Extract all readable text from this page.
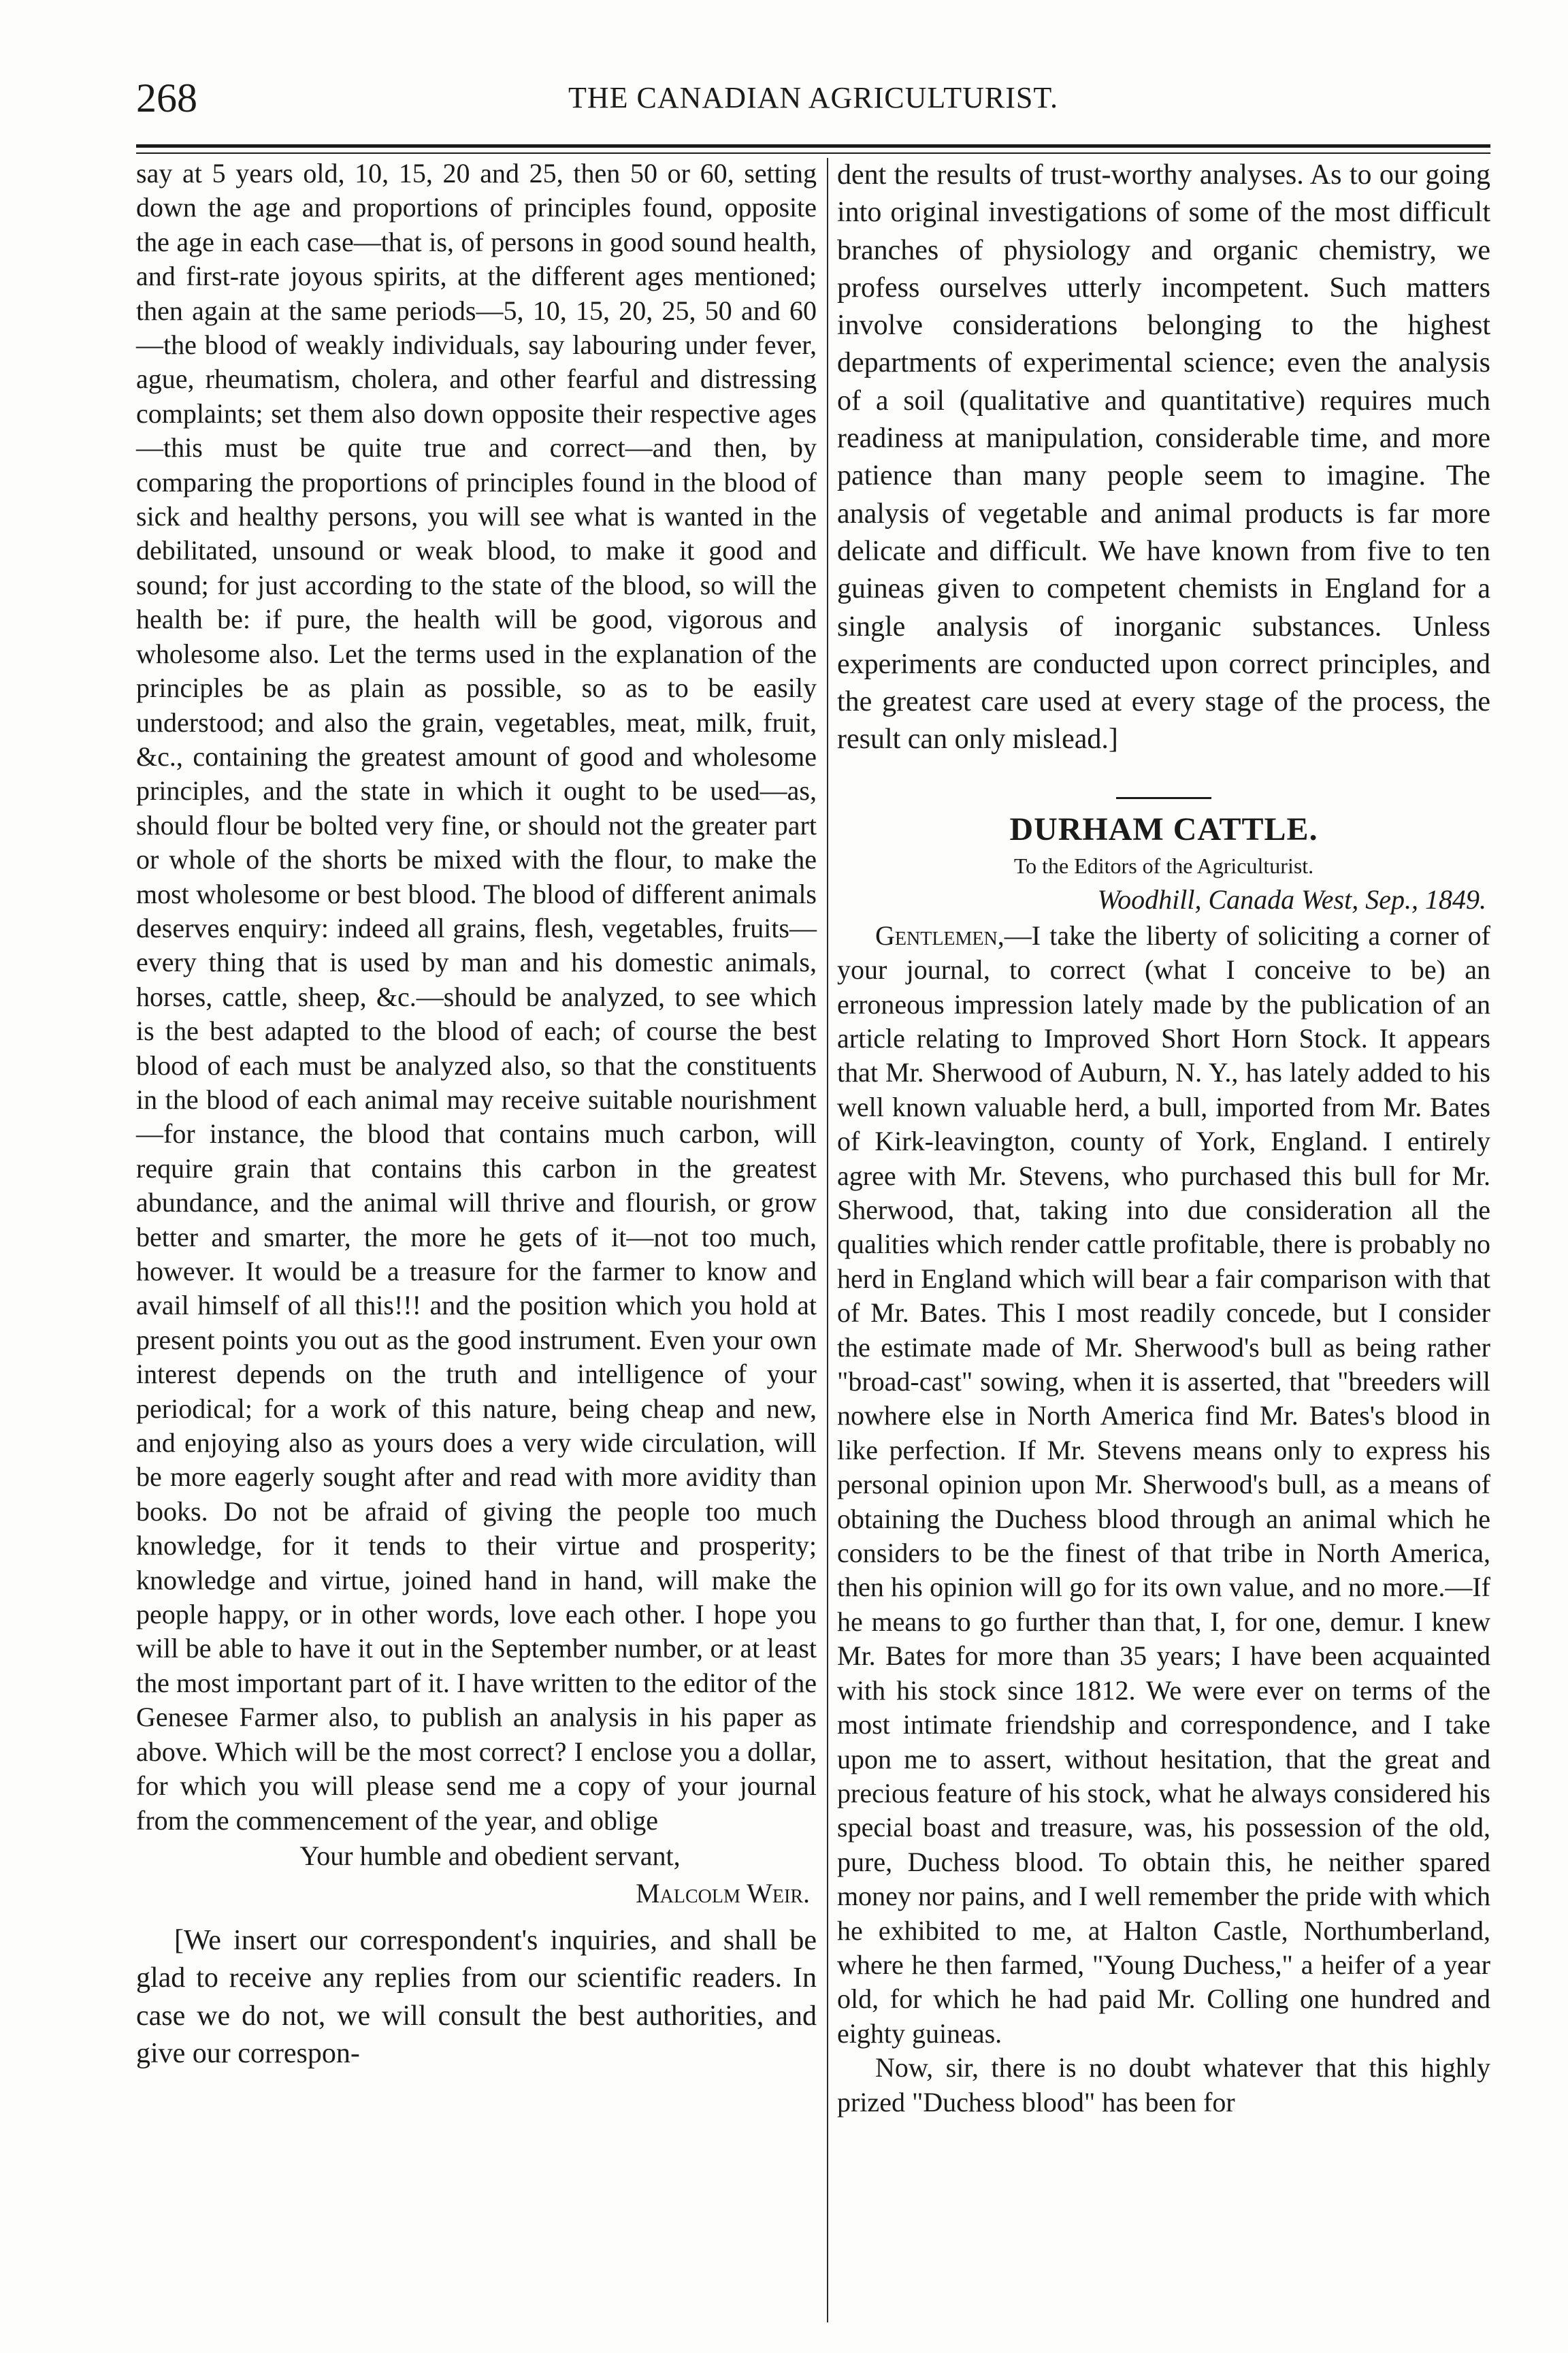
268	THE CANADIAN AGRICULTURIST.

say at 5 years old, 10, 15, 20 and 25, then 50 or 60, setting down the age and proportions of principles found, opposite the age in each case—that is, of persons in good sound health, and first-rate joyous spirits, at the different ages mentioned; then again at the same periods—5, 10, 15, 20, 25, 50 and 60—the blood of weakly individuals, say labouring under fever, ague, rheumatism, cholera, and other fearful and distressing complaints; set them also down opposite their respective ages—this must be quite true and correct—and then, by comparing the proportions of principles found in the blood of sick and healthy persons, you will see what is wanted in the debilitated, unsound or weak blood, to make it good and sound; for just according to the state of the blood, so will the health be: if pure, the health will be good, vigorous and wholesome also. Let the terms used in the explanation of the principles be as plain as possible, so as to be easily understood; and also the grain, vegetables, meat, milk, fruit, &c., containing the greatest amount of good and wholesome principles, and the state in which it ought to be used—as, should flour be bolted very fine, or should not the greater part or whole of the shorts be mixed with the flour, to make the most wholesome or best blood. The blood of different animals deserves enquiry: indeed all grains, flesh, vegetables, fruits—every thing that is used by man and his domestic animals, horses, cattle, sheep, &c.—should be analyzed, to see which is the best adapted to the blood of each; of course the best blood of each must be analyzed also, so that the constituents in the blood of each animal may receive suitable nourishment—for instance, the blood that contains much carbon, will require grain that contains this carbon in the greatest abundance, and the animal will thrive and flourish, or grow better and smarter, the more he gets of it—not too much, however. It would be a treasure for the farmer to know and avail himself of all this!!! and the position which you hold at present points you out as the good instrument. Even your own interest depends on the truth and intelligence of your periodical; for a work of this nature, being cheap and new, and enjoying also as yours does a very wide circulation, will be more eagerly sought after and read with more avidity than books. Do not be afraid of giving the people too much knowledge, for it tends to their virtue and prosperity; knowledge and virtue, joined hand in hand, will make the people happy, or in other words, love each other. I hope you will be able to have it out in the September number, or at least the most important part of it. I have written to the editor of the Genesee Farmer also, to publish an analysis in his paper as above. Which will be the most correct? I enclose you a dollar, for which you will please send me a copy of your journal from the commencement of the year, and oblige

Your humble and obedient servant,

Malcolm Weir.

[We insert our correspondent's inquiries, and shall be glad to receive any replies from our scientific readers. In case we do not, we will consult the best authorities, and give our correspon-

dent the results of trust-worthy analyses. As to our going into original investigations of some of the most difficult branches of physiology and organic chemistry, we profess ourselves utterly incompetent. Such matters involve considerations belonging to the highest departments of experimental science; even the analysis of a soil (qualitative and quantitative) requires much readiness at manipulation, considerable time, and more patience than many people seem to imagine. The analysis of vegetable and animal products is far more delicate and difficult. We have known from five to ten guineas given to competent chemists in England for a single analysis of inorganic substances. Unless experiments are conducted upon correct principles, and the greatest care used at every stage of the process, the result can only mislead.]

DURHAM CATTLE.

To the Editors of the Agriculturist.

Woodhill, Canada West, Sep., 1849.

Gentlemen,—I take the liberty of soliciting a corner of your journal, to correct (what I conceive to be) an erroneous impression lately made by the publication of an article relating to Improved Short Horn Stock. It appears that Mr. Sherwood of Auburn, N. Y., has lately added to his well known valuable herd, a bull, imported from Mr. Bates of Kirk-leavington, county of York, England. I entirely agree with Mr. Stevens, who purchased this bull for Mr. Sherwood, that, taking into due consideration all the qualities which render cattle profitable, there is probably no herd in England which will bear a fair comparison with that of Mr. Bates. This I most readily concede, but I consider the estimate made of Mr. Sherwood's bull as being rather "broad-cast" sowing, when it is asserted, that "breeders will nowhere else in North America find Mr. Bates's blood in like perfection. If Mr. Stevens means only to express his personal opinion upon Mr. Sherwood's bull, as a means of obtaining the Duchess blood through an animal which he considers to be the finest of that tribe in North America, then his opinion will go for its own value, and no more.—If he means to go further than that, I, for one, demur. I knew Mr. Bates for more than 35 years; I have been acquainted with his stock since 1812. We were ever on terms of the most intimate friendship and correspondence, and I take upon me to assert, without hesitation, that the great and precious feature of his stock, what he always considered his special boast and treasure, was, his possession of the old, pure, Duchess blood. To obtain this, he neither spared money nor pains, and I well remember the pride with which he exhibited to me, at Halton Castle, Northumberland, where he then farmed, "Young Duchess," a heifer of a year old, for which he had paid Mr. Colling one hundred and eighty guineas.

Now, sir, there is no doubt whatever that this highly prized "Duchess blood" has been for
